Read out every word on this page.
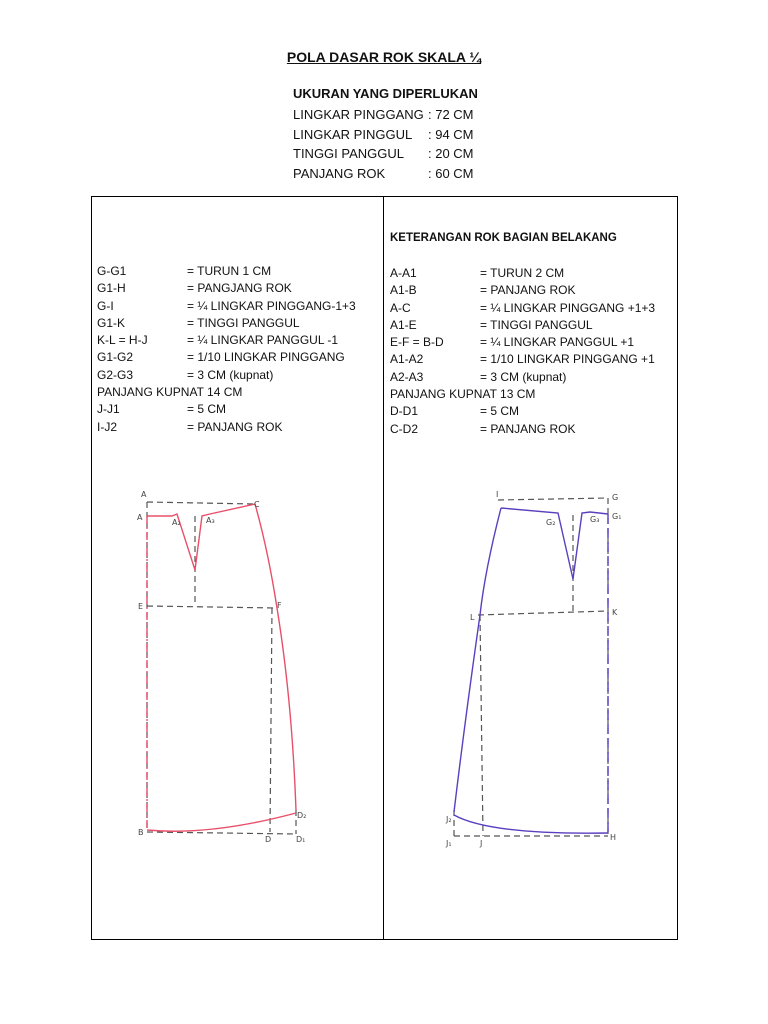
POLA DASAR ROK SKALA ¼
UKURAN YANG DIPERLUKAN
LINGKAR PINGGANG : 72 CM
LINGKAR PINGGUL	: 94 CM
TINGGI PANGGUL	: 20 CM
PANJANG ROK	: 60 CM
G-G1	= TURUN 1 CM
G1-H	= PANGJANG ROK
G-I	= ¼ LINGKAR PINGGANG-1+3
G1-K	= TINGGI PANGGUL
K-L = H-J	= ¼ LINGKAR PANGGUL -1
G1-G2	= 1/10 LINGKAR PINGGANG
G2-G3	= 3 CM (kupnat)
PANJANG KUPNAT 14 CM
J-J1	= 5 CM
I-J2	= PANJANG ROK
KETERANGAN ROK BAGIAN BELAKANG
A-A1	= TURUN 2 CM
A1-B	= PANJANG ROK
A-C	= ¼ LINGKAR PINGGANG +1+3
A1-E	= TINGGI PANGGUL
E-F = B-D	= ¼ LINGKAR PANGGUL +1
A1-A2	= 1/10 LINGKAR PINGGANG +1
A2-A3	= 3 CM (kupnat)
PANJANG KUPNAT 13 CM
D-D1	= 5 CM
C-D2	= PANJANG ROK
A
A
A₂	A₃
C
E	F
B
D	D₁
D₂
I	G
G₁
G₂	G₃
L
K
J₂
J₁	J
H
